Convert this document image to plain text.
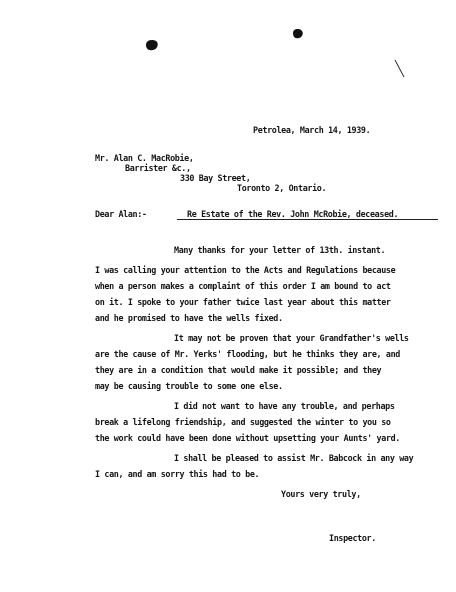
Petrolea, March 14, 1939.
Mr. Alan C. MacRobie,
Barrister &c.,
330 Bay Street,
Toronto 2, Ontario.
Dear Alan:-	Re Estate of the Rev. John McRobie, deceased.
Many thanks for your letter of 13th. instant.
I was calling your attention to the Acts and Regulations because
when a person makes a complaint of this order I am bound to act
on it. I spoke to your father twice last year about this matter
and he promised to have the wells fixed.
It may not be proven that your Grandfather's wells
are the cause of Mr. Yerks' flooding, but he thinks they are, and
they are in a condition that would make it possible; and they
may be causing trouble to some one else.
I did not want to have any trouble, and perhaps
break a lifelong friendship, and suggested the winter to you so
the work could have been done without upsetting your Aunts' yard.
I shall be pleased to assist Mr. Babcock in any way
I can, and am sorry this had to be.
Yours very truly,
Inspector.
